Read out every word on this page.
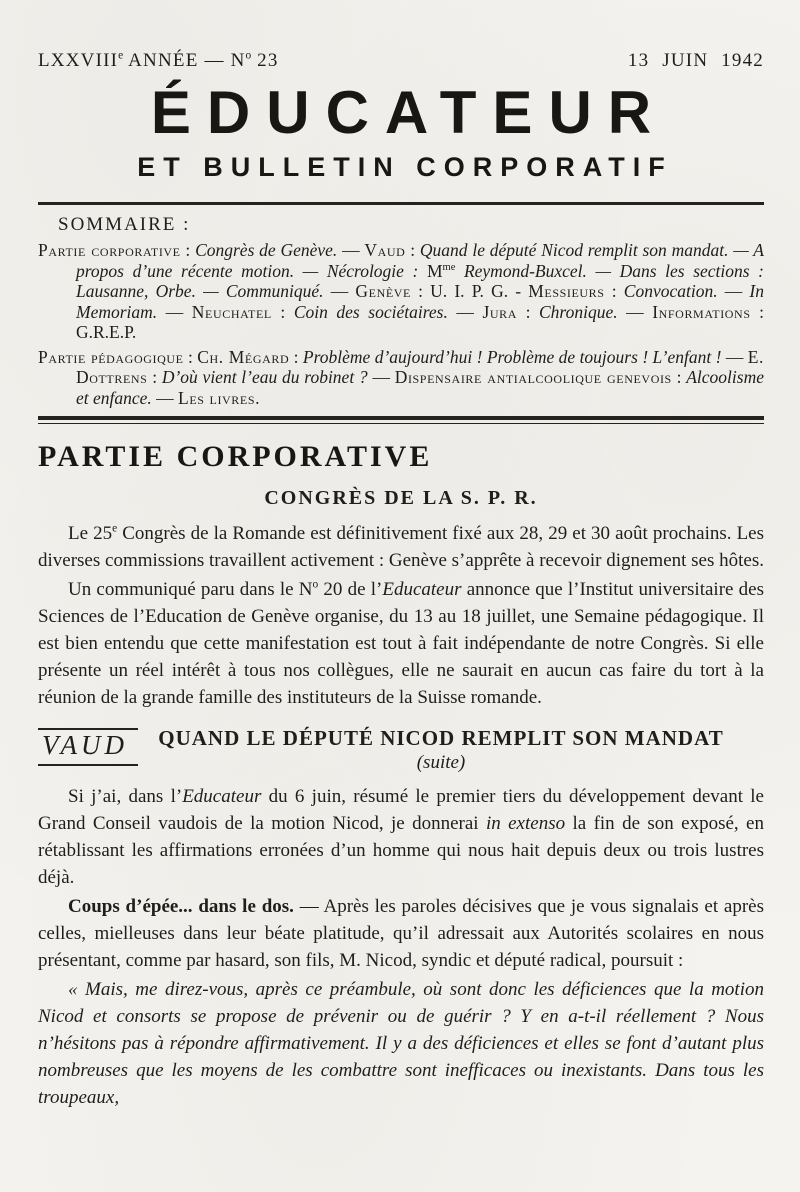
LXXVIIIe ANNÉE — $N^o$ 23	13 JUIN 1942
ÉDUCATEUR
ET BULLETIN CORPORATIF
SOMMAIRE :

Partie corporative : Congrès de Genève. — Vaud : Quand le député Nicod remplit son mandat. — A propos d’une récente motion. — Nécrologie : $M^{me}$ Reymond-Buxcel. — Dans les sections : Lausanne, Orbe. — Communiqué. — Genève : U. I. P. G. - Messieurs : Convocation. — In Memoriam. — Neuchatel : Coin des sociétaires. — Jura : Chronique. — Informations : G.R.E.P.

Partie pédagogique : Ch. Mégard : Problème d’aujourd’hui ! Problème de toujours ! L’enfant ! — E. Dottrens : D’où vient l’eau du robinet ? — Dispensaire antialcoolique genevois : Alcoolisme et enfance. — Les livres.

PARTIE CORPORATIVE
CONGRÈS DE LA S. P. R.

Le 25e Congrès de la Romande est définitivement fixé aux 28, 29 et 30 août prochains. Les diverses commissions travaillent activement : Genève s’apprête à recevoir dignement ses hôtes.

Un communiqué paru dans le $N^o$ 20 de l’Educateur annonce que l’Institut universitaire des Sciences de l’Education de Genève organise, du 13 au 18 juillet, une Semaine pédagogique. Il est bien entendu que cette manifestation est tout à fait indépendante de notre Congrès. Si elle présente un réel intérêt à tous nos collègues, elle ne saurait en aucun cas faire du tort à la réunion de la grande famille des instituteurs de la Suisse romande.

VAUD	QUAND LE DÉPUTÉ NICOD REMPLIT SON MANDAT
(suite)

Si j’ai, dans l’Educateur du 6 juin, résumé le premier tiers du développement devant le Grand Conseil vaudois de la motion Nicod, je donnerai in extenso la fin de son exposé, en rétablissant les affirmations erronées d’un homme qui nous hait depuis deux ou trois lustres déjà.

Coups d’épée... dans le dos. — Après les paroles décisives que je vous signalais et après celles, mielleuses dans leur béate platitude, qu’il adressait aux Autorités scolaires en nous présentant, comme par hasard, son fils, M. Nicod, syndic et député radical, poursuit :

« Mais, me direz-vous, après ce préambule, où sont donc les déficiences que la motion Nicod et consorts se propose de prévenir ou de guérir ? Y en a-t-il réellement ? Nous n’hésitons pas à répondre affirmativement. Il y a des déficiences et elles se font d’autant plus nombreuses que les moyens de les combattre sont inefficaces ou inexistants. Dans tous les troupeaux,
